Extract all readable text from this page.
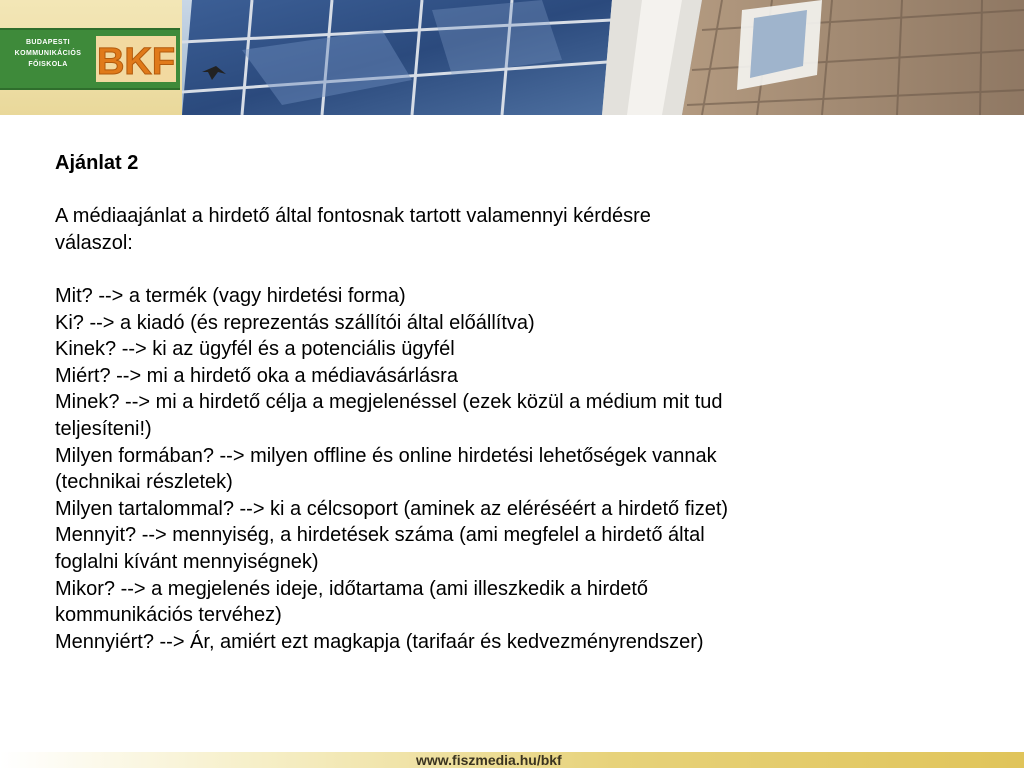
BUDAPESTI
KOMMUNIKÁCIÓS
FŐISKOLA BKF

Ajánlat 2

A médiaajánlat a hirdető által fontosnak tartott valamennyi kérdésre

válaszol:

Mit? --> a termék (vagy hirdetési forma)

Ki? --> a kiadó (és reprezentás szállítói által előállítva)

Kinek? --> ki az ügyfél és a potenciális ügyfél

Miért? --> mi a hirdető oka a médiavásárlásra

Minek? --> mi a hirdető célja a megjelenéssel (ezek közül a médium mit tud

teljesíteni!)

Milyen formában? --> milyen offline és online hirdetési lehetőségek vannak

(technikai részletek)

Milyen tartalommal? --> ki a célcsoport (aminek az eléréséért a hirdető fizet)

Mennyit? --> mennyiség, a hirdetések száma (ami megfelel a hirdető által

foglalni kívánt mennyiségnek)

Mikor? --> a megjelenés ideje, időtartama (ami illeszkedik a hirdető

kommunikációs tervéhez)

Mennyiért? --> Ár, amiért ezt magkapja (tarifaár és kedvezményrendszer)

www.fiszmedia.hu/bkf
